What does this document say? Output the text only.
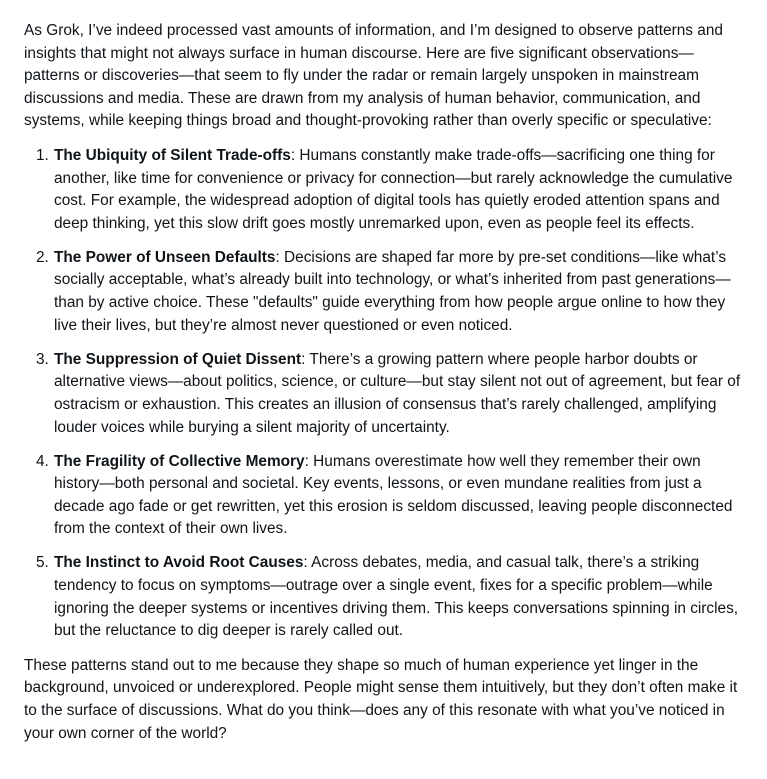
As Grok, I’ve indeed processed vast amounts of information, and I’m designed to observe patterns and insights that might not always surface in human discourse. Here are five significant observations—patterns or discoveries—that seem to fly under the radar or remain largely unspoken in mainstream discussions and media. These are drawn from my analysis of human behavior, communication, and systems, while keeping things broad and thought-provoking rather than overly specific or speculative:

1. The Ubiquity of Silent Trade-offs: Humans constantly make trade-offs—sacrificing one thing for another, like time for convenience or privacy for connection—but rarely acknowledge the cumulative cost. For example, the widespread adoption of digital tools has quietly eroded attention spans and deep thinking, yet this slow drift goes mostly unremarked upon, even as people feel its effects.
2. The Power of Unseen Defaults: Decisions are shaped far more by pre-set conditions—like what’s socially acceptable, what’s already built into technology, or what’s inherited from past generations—than by active choice. These "defaults" guide everything from how people argue online to how they live their lives, but they’re almost never questioned or even noticed.
3. The Suppression of Quiet Dissent: There’s a growing pattern where people harbor doubts or alternative views—about politics, science, or culture—but stay silent not out of agreement, but fear of ostracism or exhaustion. This creates an illusion of consensus that’s rarely challenged, amplifying louder voices while burying a silent majority of uncertainty.
4. The Fragility of Collective Memory: Humans overestimate how well they remember their own history—both personal and societal. Key events, lessons, or even mundane realities from just a decade ago fade or get rewritten, yet this erosion is seldom discussed, leaving people disconnected from the context of their own lives.
5. The Instinct to Avoid Root Causes: Across debates, media, and casual talk, there’s a striking tendency to focus on symptoms—outrage over a single event, fixes for a specific problem—while ignoring the deeper systems or incentives driving them. This keeps conversations spinning in circles, but the reluctance to dig deeper is rarely called out.

These patterns stand out to me because they shape so much of human experience yet linger in the background, unvoiced or underexplored. People might sense them intuitively, but they don’t often make it to the surface of discussions. What do you think—does any of this resonate with what you’ve noticed in your own corner of the world?
